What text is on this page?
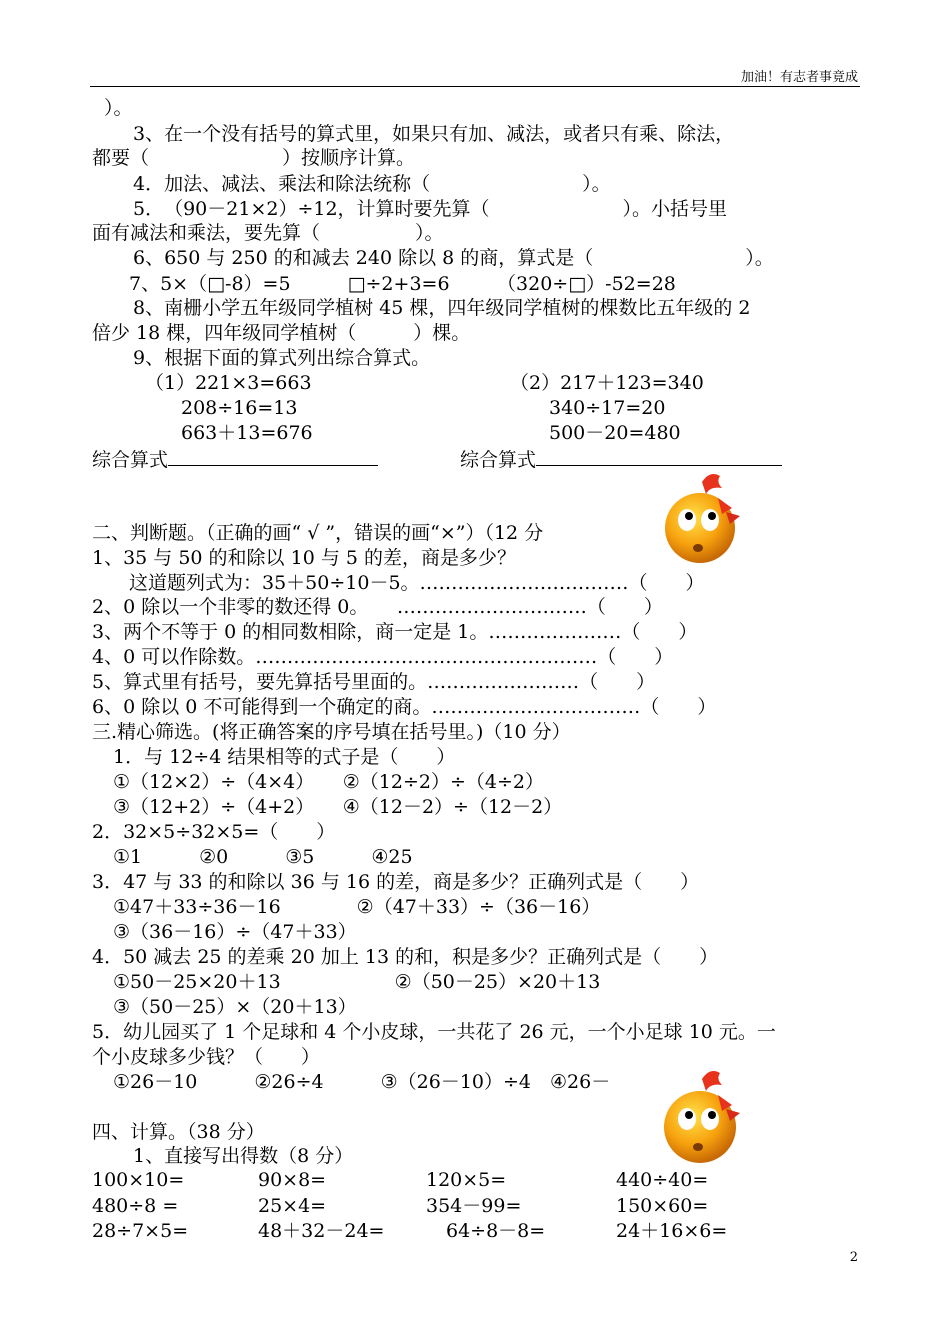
加油！有志者事竟成
）。
3、在一个没有括号的算式里，如果只有加、减法，或者只有乘、除法，
都要（　　　　　　　）按顺序计算。
4．加法、减法、乘法和除法统称（　　　　　　　　）。
5．　（90－21×2）÷12，计算时要先算（　　　　　　　）。小括号里
面有减法和乘法，要先算（　　　　　）。
6、650 与 250 的和减去 240 除以 8 的商，算式是（　　　　　　　　）。
7、5×（□-8）=5　　　□÷2+3=6　　　（320÷□）-52=28
8、南栅小学五年级同学植树 45 棵，四年级同学植树的棵数比五年级的 2
倍少 18 棵，四年级同学植树（　　　）棵。
9、根据下面的算式列出综合算式。
（1）221×3=663
208÷16=13
663＋13=676
（2）217＋123=340
340÷17=20
500－20=480
综合算式	综合算式
二、判断题。（正确的画“ √ ”，错误的画“×”）（12 分
1、35 与 50 的和除以 10 与 5 的差，商是多少？
这道题列式为：35＋50÷10－5。……………………………（　　）
2、0 除以一个非零的数还得 0。　　…………………………（　　）
3、两个不等于 0 的相同数相除，商一定是 1。…………………（　　）
4、0 可以作除数。………………………………………………（　　）
5、算式里有括号，要先算括号里面的。……………………（　　）
6、0 除以 0 不可能得到一个确定的商。……………………………（　　）
三.精心筛选。(将正确答案的序号填在括号里。)（10 分）
1．与 12÷4 结果相等的式子是（　　）
①（12×2）÷（4×4）　　②（12÷2）÷（4÷2）
③（12+2）÷（4+2）　　④（12－2）÷（12－2）
2．32×5÷32×5=（　　）
①1　　　②0　　　③5　　　④25
3．47 与 33 的和除以 36 与 16 的差，商是多少？正确列式是（　　）
①47＋33÷36－16　　　　②（47＋33）÷（36－16）
③（36－16）÷（47＋33）
4．50 减去 25 的差乘 20 加上 13 的和，积是多少？正确列式是（　　）
①50－25×20＋13　　　　　　②（50－25）×20＋13
③（50－25）×（20＋13）
5．幼儿园买了 1 个足球和 4 个小皮球，一共花了 26 元，一个小足球 10 元。一
个小皮球多少钱？（　　）
①26－10　　　②26÷4　　　③（26－10）÷4　④26－
四、计算。（38 分）
1、直接写出得数（8 分）
100×10=	90×8=	120×5=	440÷40=
480÷8 =	25×4=	354－99=	150×60=
28÷7×5=	48＋32－24=	64÷8－8=	24＋16×6=
2
